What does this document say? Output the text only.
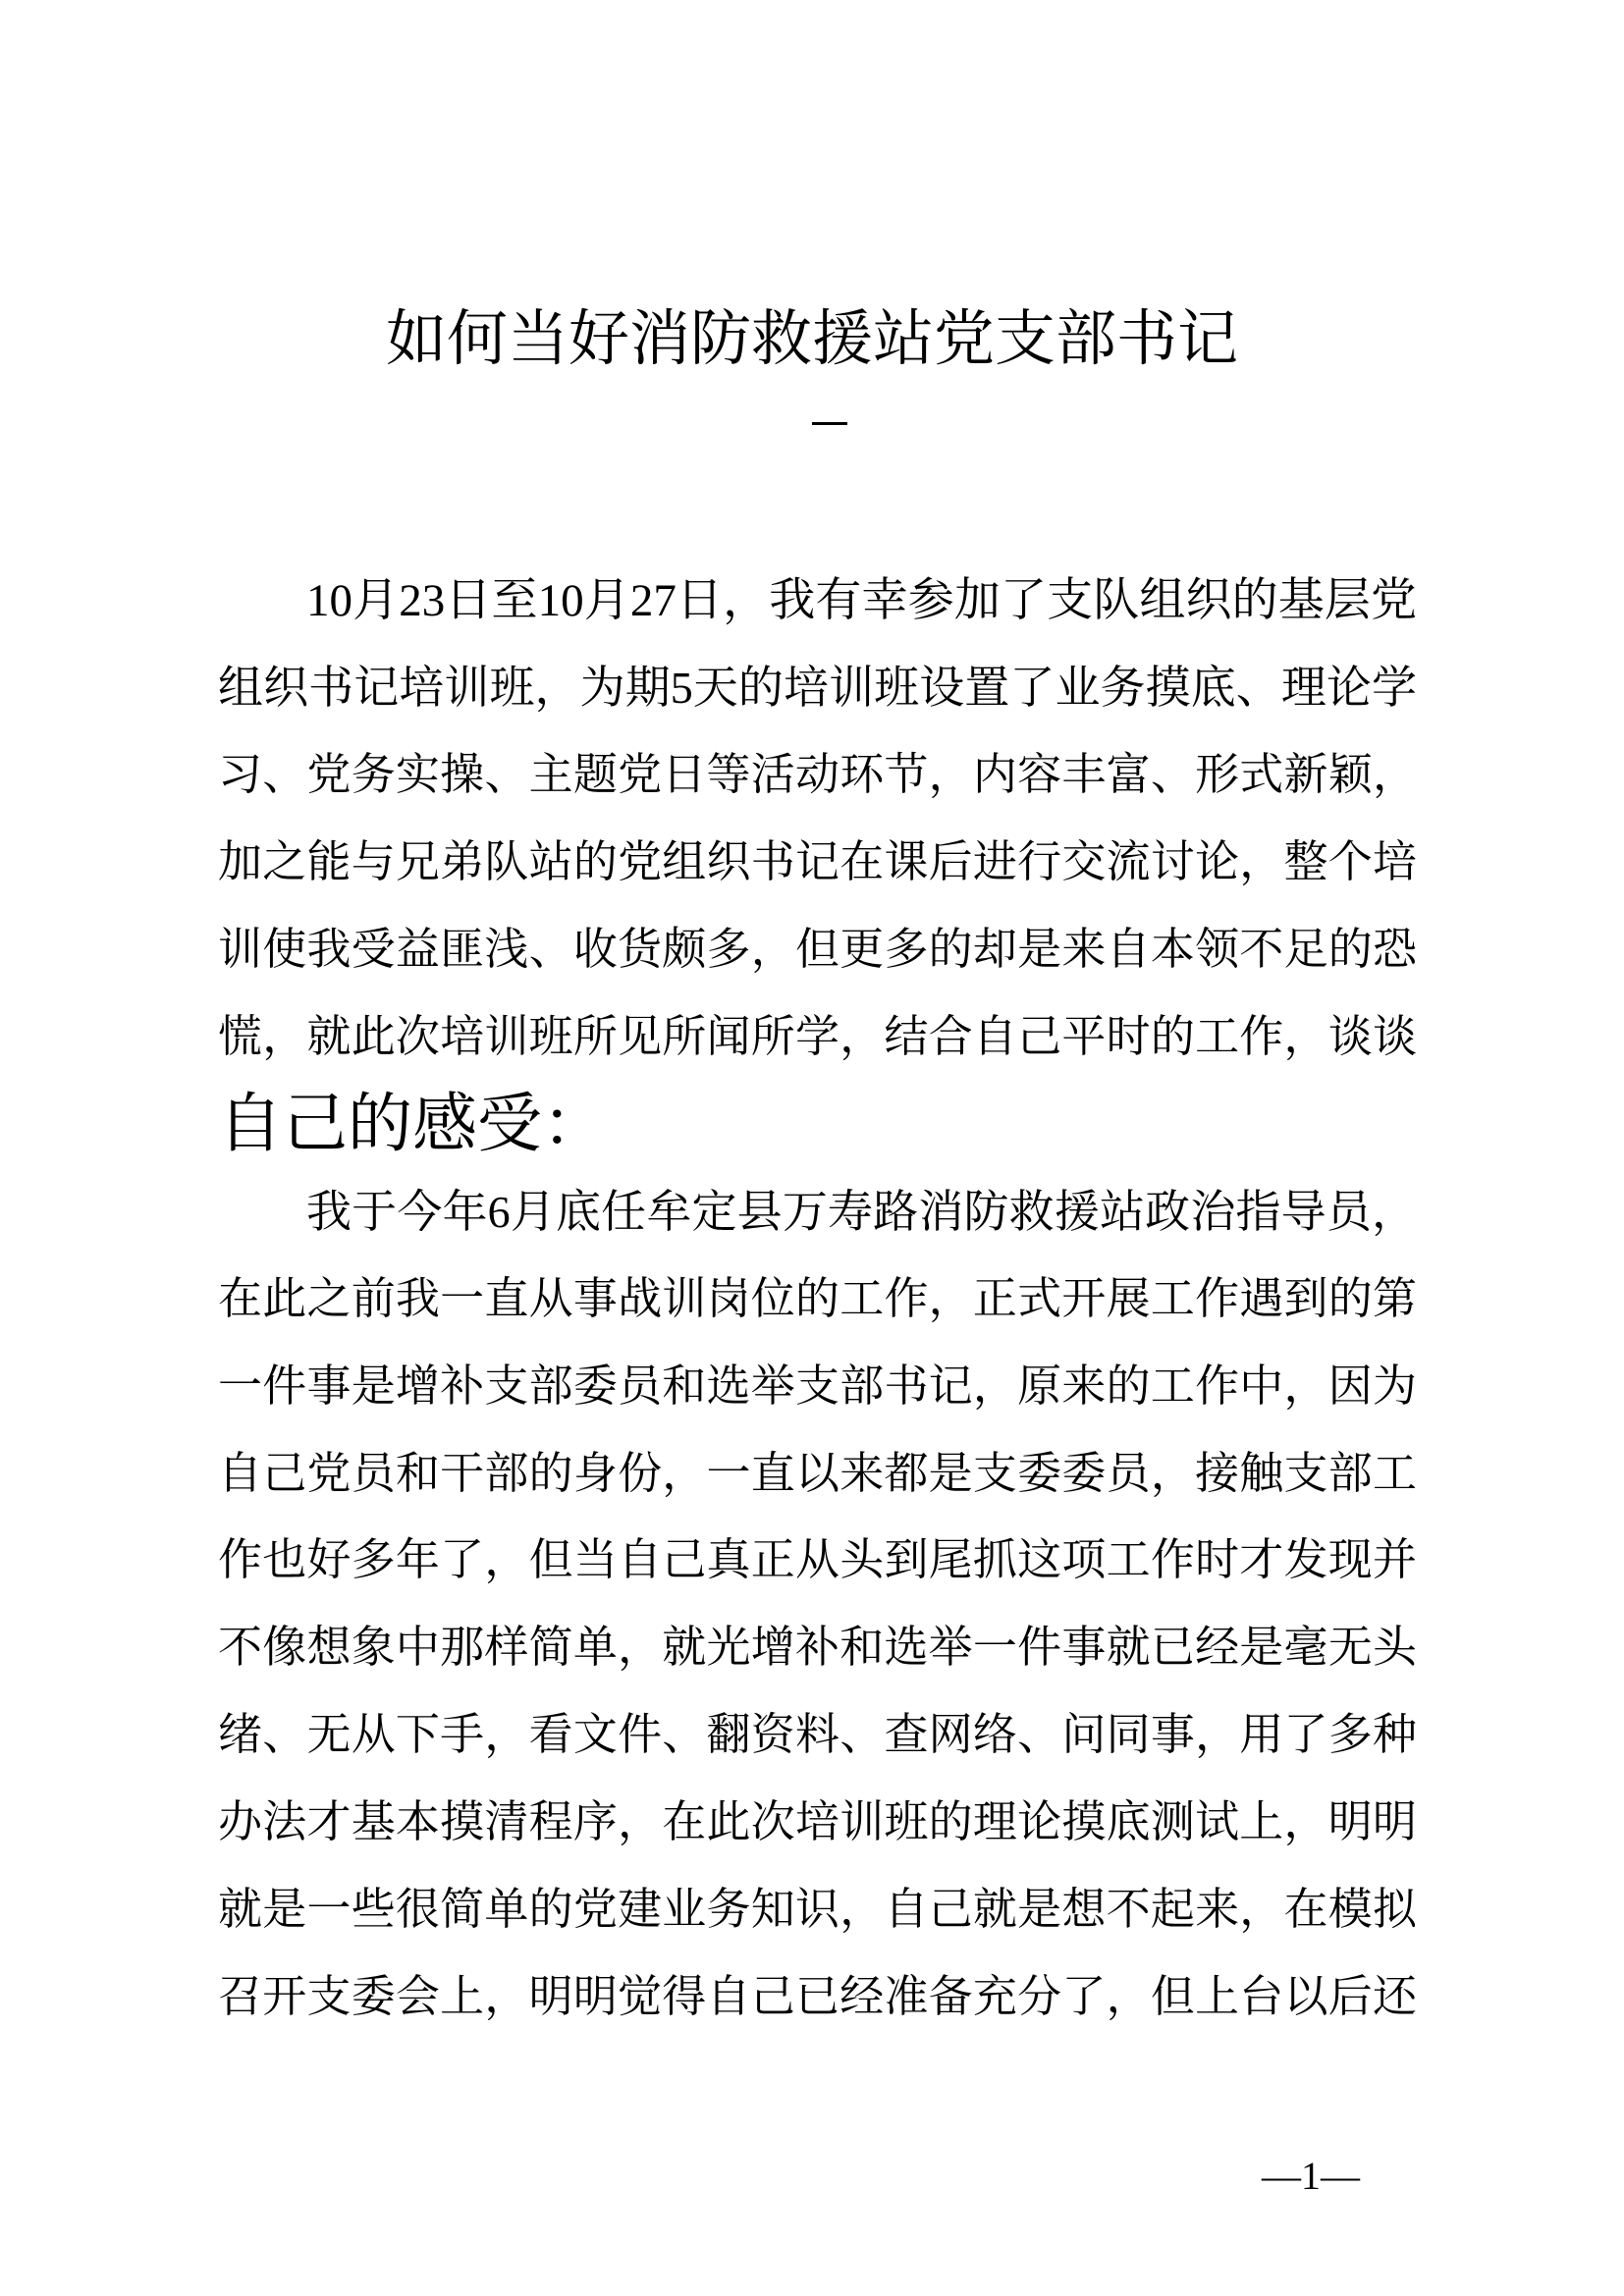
如何当好消防救援站党支部书记
10月23日至10月27日，我有幸参加了支队组织的基层党
组织书记培训班，为期5天的培训班设置了业务摸底、理论学
习、党务实操、主题党日等活动环节，内容丰富、形式新颖，
加之能与兄弟队站的党组织书记在课后进行交流讨论，整个培
训使我受益匪浅、收货颇多，但更多的却是来自本领不足的恐
慌，就此次培训班所见所闻所学，结合自己平时的工作，谈谈
自己的感受：
我于今年6月底任牟定县万寿路消防救援站政治指导员，
在此之前我一直从事战训岗位的工作，正式开展工作遇到的第
一件事是增补支部委员和选举支部书记，原来的工作中，因为
自己党员和干部的身份，一直以来都是支委委员，接触支部工
作也好多年了，但当自己真正从头到尾抓这项工作时才发现并
不像想象中那样简单，就光增补和选举一件事就已经是毫无头
绪、无从下手，看文件、翻资料、查网络、问同事，用了多种
办法才基本摸清程序，在此次培训班的理论摸底测试上，明明
就是一些很简单的党建业务知识，自己就是想不起来，在模拟
召开支委会上，明明觉得自己已经准备充分了，但上台以后还
—1—
